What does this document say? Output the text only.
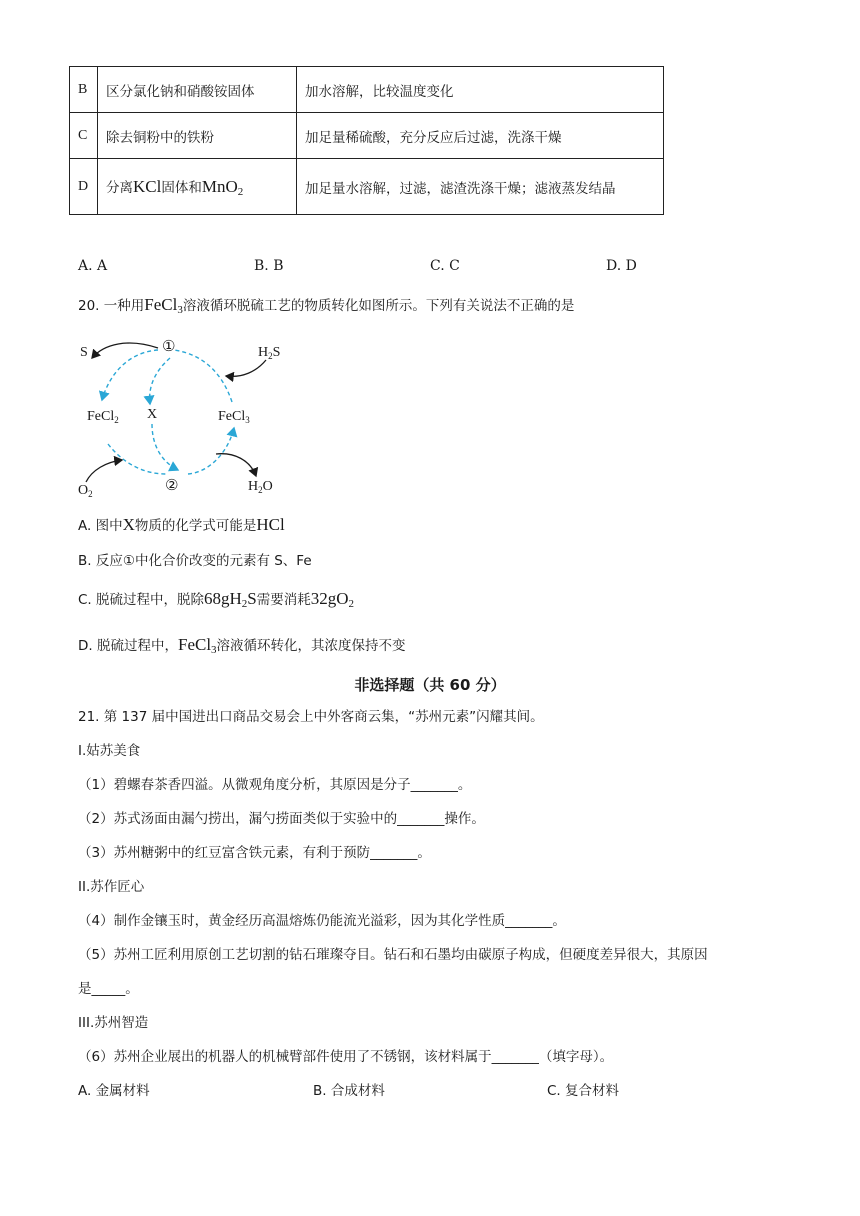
B	区分氯化钠和硝酸铵固体	加水溶解，比较温度变化
C	除去铜粉中的铁粉	加足量稀硫酸，充分反应后过滤，洗涤干燥
D	分离KCl固体和MnO$_2$	加足量水溶解，过滤，滤渣洗涤干燥；滤液蒸发结晶
A. A	B. B	C. C	D. D
20. 一种用FeCl$_3$溶液循环脱硫工艺的物质转化如图所示。下列有关说法不正确的是
S	①	$H_2S$
FeCl$_2$ X	FeCl$_3$
$O_2$	②	$H_2O$
A. 图中X物质的化学式可能是HCl
B. 反应①中化合价改变的元素有 S、Fe
C. 脱硫过程中，脱除$68gH_2S$需要消耗$32gO_2$
D. 脱硫过程中，FeCl$_3$溶液循环转化，其浓度保持不变
非选择题（共 60 分）
21. 第 137 届中国进出口商品交易会上中外客商云集，“苏州元素”闪耀其间。
I.姑苏美食
（1）碧螺春茶香四溢。从微观角度分析，其原因是分子_______。
（2）苏式汤面由漏勺捞出，漏勺捞面类似于实验中的_______操作。
（3）苏州糖粥中的红豆富含铁元素，有利于预防_______。
II.苏作匠心
（4）制作金镶玉时，黄金经历高温熔炼仍能流光溢彩，因为其化学性质_______。
（5）苏州工匠利用原创工艺切割的钻石璀璨夺目。钻石和石墨均由碳原子构成，但硬度差异很大，其原因
是_____。
III.苏州智造
（6）苏州企业展出的机器人的机械臂部件使用了不锈钢，该材料属于_______（填字母）。
A. 金属材料	B. 合成材料	C. 复合材料
